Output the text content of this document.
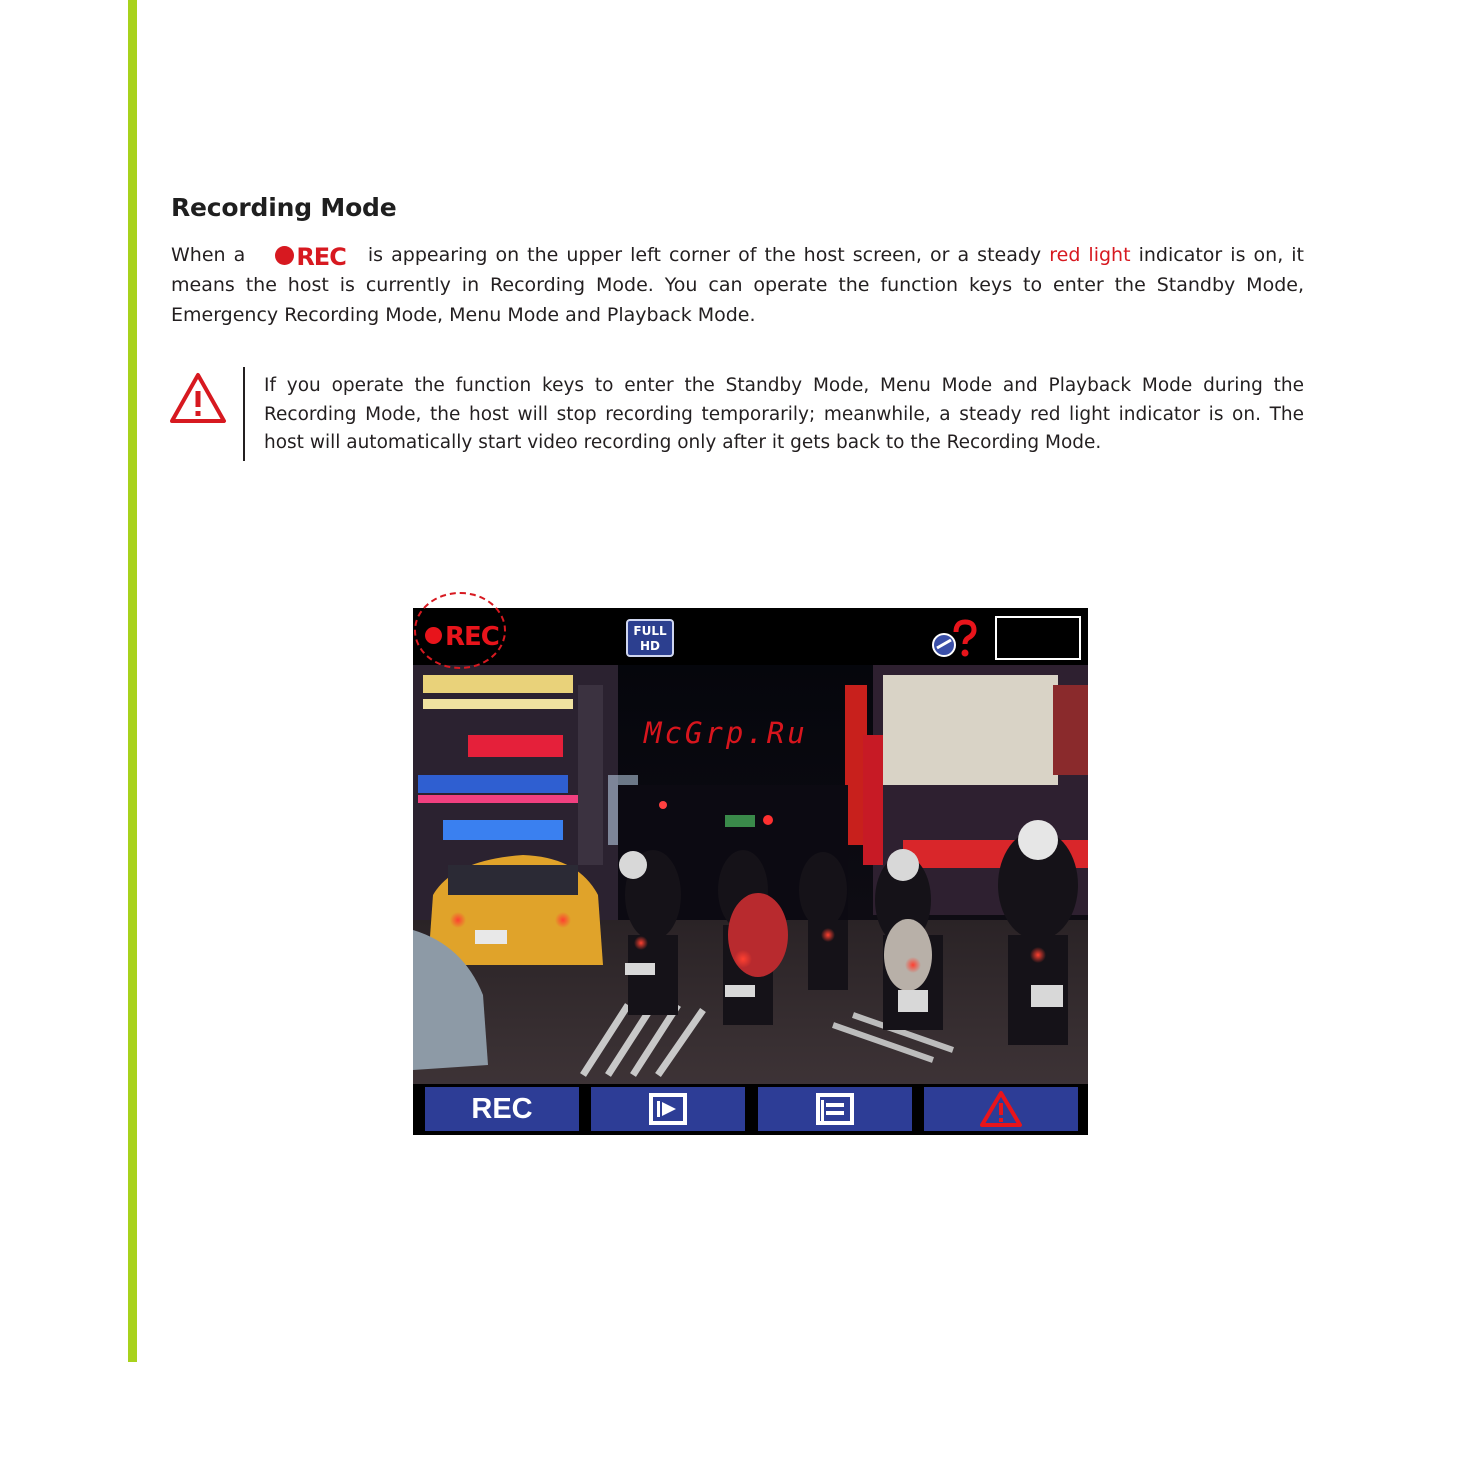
Recording Mode
When a REC is appearing on the upper left corner of the host screen, or a steady red light indicator is on, it means the host is currently in Recording Mode. You can operate the function keys to enter the Standby Mode, Emergency Recording Mode, Menu Mode and Playback Mode.
If you operate the function keys to enter the Standby Mode, Menu Mode and Playback Mode during the Recording Mode, the host will stop recording temporarily; meanwhile, a steady red light indicator is on. The host will automatically start video recording only after it gets back to the Recording Mode.
REC	FULL
HD
McGrp.Ru
REC
